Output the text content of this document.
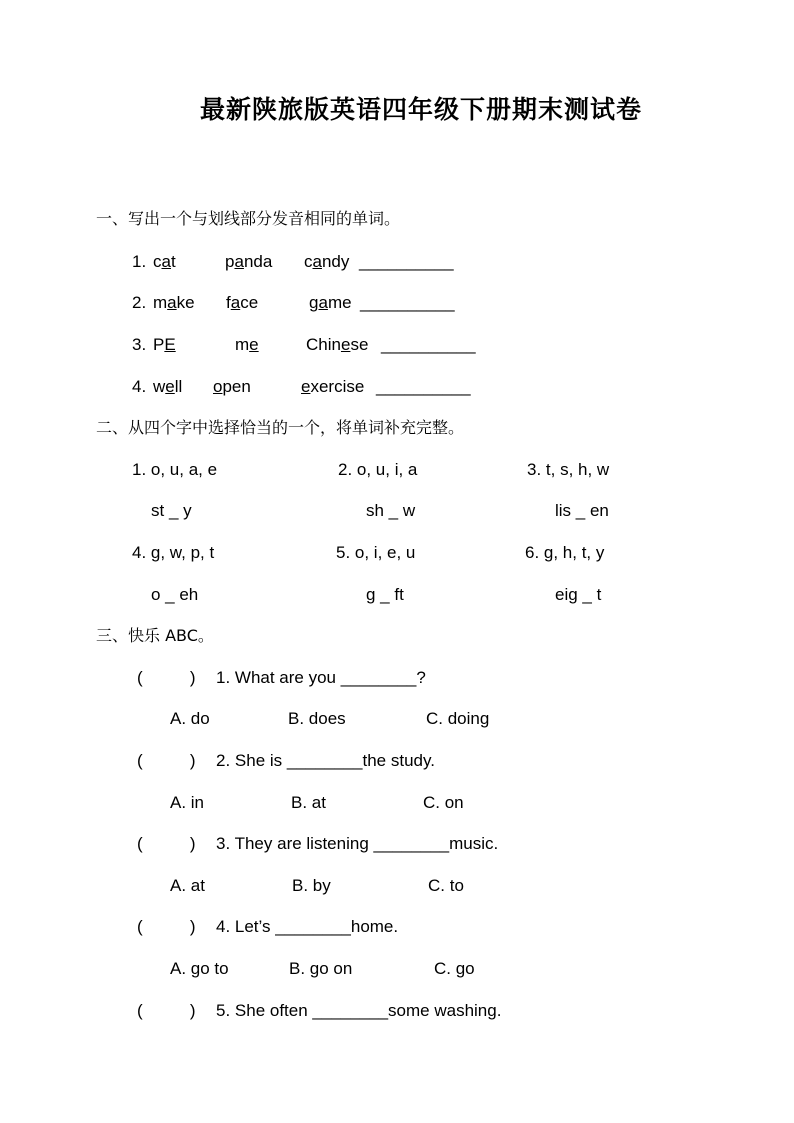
最新陕旅版英语四年级下册期末测试卷
一、写出一个与划线部分发音相同的单词。
1. cat	panda candy __________
2. make face	game __________
3. PE	me	Chinese __________
4. well open	exercise __________
二、从四个字中选择恰当的一个，将单词补充完整。
1. o, u, a, e	2. o, u, i, a	3. t, s, h, w
st _ y	sh _ w	lis _ en
4. g, w, p, t	5. o, i, e, u	6. g, h, t, y
o _ eh	g _ ft	eig _ t
三、快乐 ABC。
(          ) 1. What are you ________?
A. do	B. does	C. doing
(          ) 2. She is ________the study.
A. in	B. at	C. on
(          ) 3. They are listening ________music.
A. at	B. by	C. to
(          ) 4. Let’s ________home.
A. go to	B. go on	C. go
(          ) 5. She often ________some washing.
